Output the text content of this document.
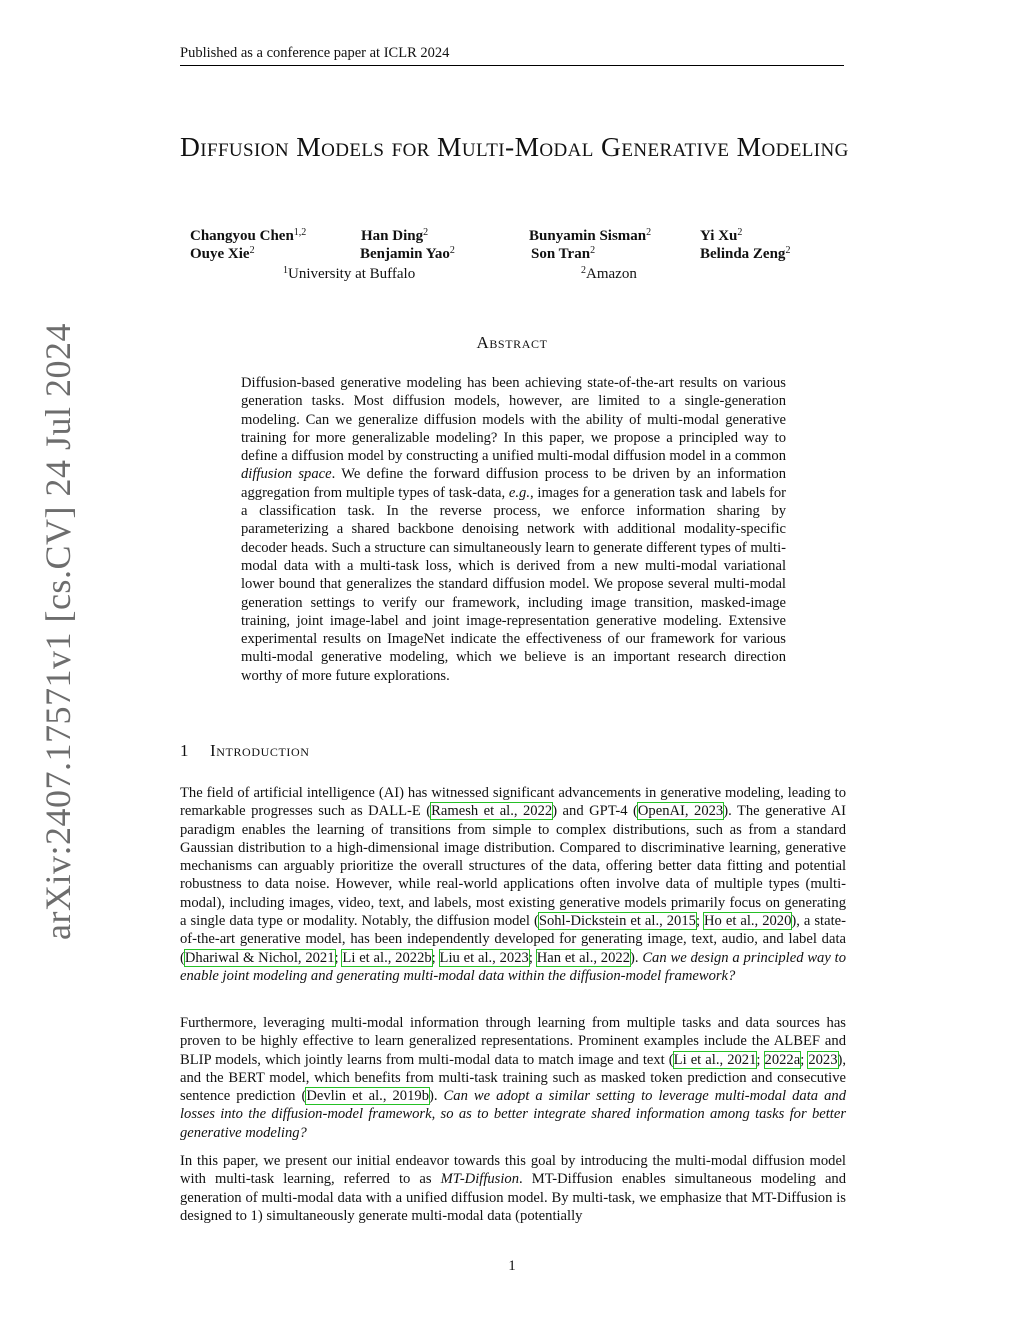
Published as a conference paper at ICLR 2024
arXiv:2407.17571v1 [cs.CV] 24 Jul 2024
Diffusion Models for Multi-Modal Generative Modeling
Changyou Chen$^{1,2}$	Han Ding$^2$	Bunyamin Sisman$^2$	Yi Xu$^2$
Ouye Xie$^2$	Benjamin Yao$^2$	Son Tran$^2$	Belinda Zeng$^2$
$^1$University at Buffalo	$^2$Amazon
Abstract

Diffusion-based generative modeling has been achieving state-of-the-art results on various generation tasks. Most diffusion models, however, are limited to a single-generation modeling. Can we generalize diffusion models with the ability of multi-modal generative training for more generalizable modeling? In this paper, we propose a principled way to define a diffusion model by constructing a unified multi-modal diffusion model in a common diffusion space. We define the forward diffusion process to be driven by an information aggregation from multiple types of task-data, e.g., images for a generation task and labels for a classification task. In the reverse process, we enforce information sharing by parameterizing a shared backbone denoising network with additional modality-specific decoder heads. Such a structure can simultaneously learn to generate different types of multi-modal data with a multi-task loss, which is derived from a new multi-modal variational lower bound that generalizes the standard diffusion model. We propose several multi-modal generation settings to verify our framework, including image transition, masked-image training, joint image-label and joint image-representation generative modeling. Extensive experimental results on ImageNet indicate the effectiveness of our framework for various multi-modal generative modeling, which we believe is an important research direction worthy of more future explorations.

1 Introduction

The field of artificial intelligence (AI) has witnessed significant advancements in generative modeling, leading to remarkable progresses such as DALL-E (Ramesh et al., 2022) and GPT-4 (OpenAI, 2023). The generative AI paradigm enables the learning of transitions from simple to complex distributions, such as from a standard Gaussian distribution to a high-dimensional image distribution. Compared to discriminative learning, generative mechanisms can arguably prioritize the overall structures of the data, offering better data fitting and potential robustness to data noise. However, while real-world applications often involve data of multiple types (multi-modal), including images, video, text, and labels, most existing generative models primarily focus on generating a single data type or modality. Notably, the diffusion model (Sohl-Dickstein et al., 2015; Ho et al., 2020), a state-of-the-art generative model, has been independently developed for generating image, text, audio, and label data (Dhariwal & Nichol, 2021; Li et al., 2022b; Liu et al., 2023; Han et al., 2022). Can we design a principled way to enable joint modeling and generating multi-modal data within the diffusion-model framework?

Furthermore, leveraging multi-modal information through learning from multiple tasks and data sources has proven to be highly effective to learn generalized representations. Prominent examples include the ALBEF and BLIP models, which jointly learns from multi-modal data to match image and text (Li et al., 2021; 2022a; 2023), and the BERT model, which benefits from multi-task training such as masked token prediction and consecutive sentence prediction (Devlin et al., 2019b). Can we adopt a similar setting to leverage multi-modal data and losses into the diffusion-model framework, so as to better integrate shared information among tasks for better generative modeling?

In this paper, we present our initial endeavor towards this goal by introducing the multi-modal diffusion model with multi-task learning, referred to as MT-Diffusion. MT-Diffusion enables simultaneous modeling and generation of multi-modal data with a unified diffusion model. By multi-task, we emphasize that MT-Diffusion is designed to 1) simultaneously generate multi-modal data (potentially

1
